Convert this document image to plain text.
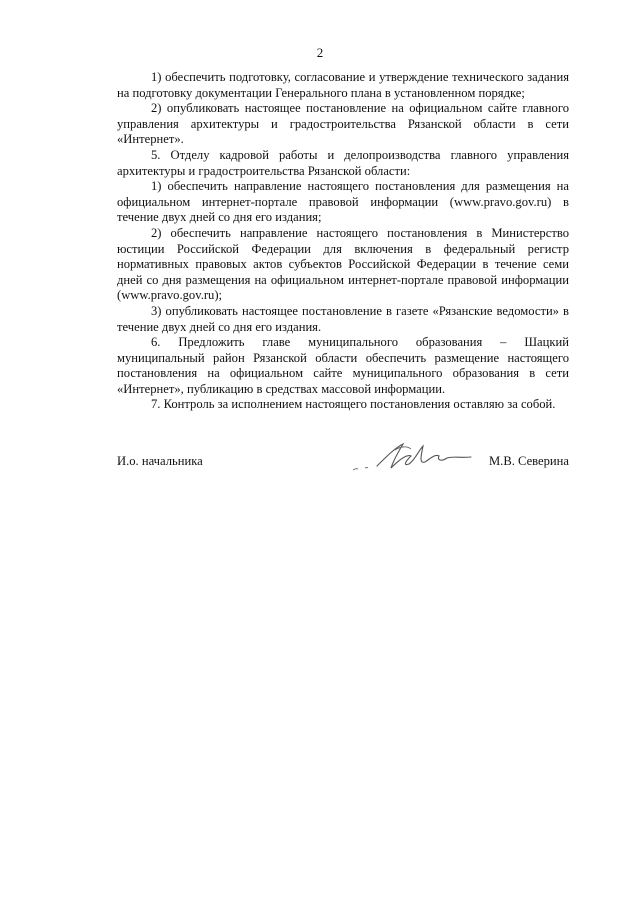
2

1) обеспечить подготовку, согласование и утверждение технического задания на подготовку документации Генерального плана в установленном порядке;

2) опубликовать настоящее постановление на официальном сайте главного управления архитектуры и градостроительства Рязанской области в сети «Интернет».

5. Отделу кадровой работы и делопроизводства главного управления архитектуры и градостроительства Рязанской области:

1) обеспечить направление настоящего постановления для размещения на официальном интернет-портале правовой информации (www.pravo.gov.ru) в течение двух дней со дня его издания;

2) обеспечить направление настоящего постановления в Министерство юстиции Российской Федерации для включения в федеральный регистр нормативных правовых актов субъектов Российской Федерации в течение семи дней со дня размещения на официальном интернет-портале правовой информации (www.pravo.gov.ru);

3) опубликовать настоящее постановление в газете «Рязанские ведомости» в течение двух дней со дня его издания.

6. Предложить главе муниципального образования – Шацкий муниципальный район Рязанской области обеспечить размещение настоящего постановления на официальном сайте муниципального образования в сети «Интернет», публикацию в средствах массовой информации.

7. Контроль за исполнением настоящего постановления оставляю за собой.

И.о. начальника	М.В. Северина
